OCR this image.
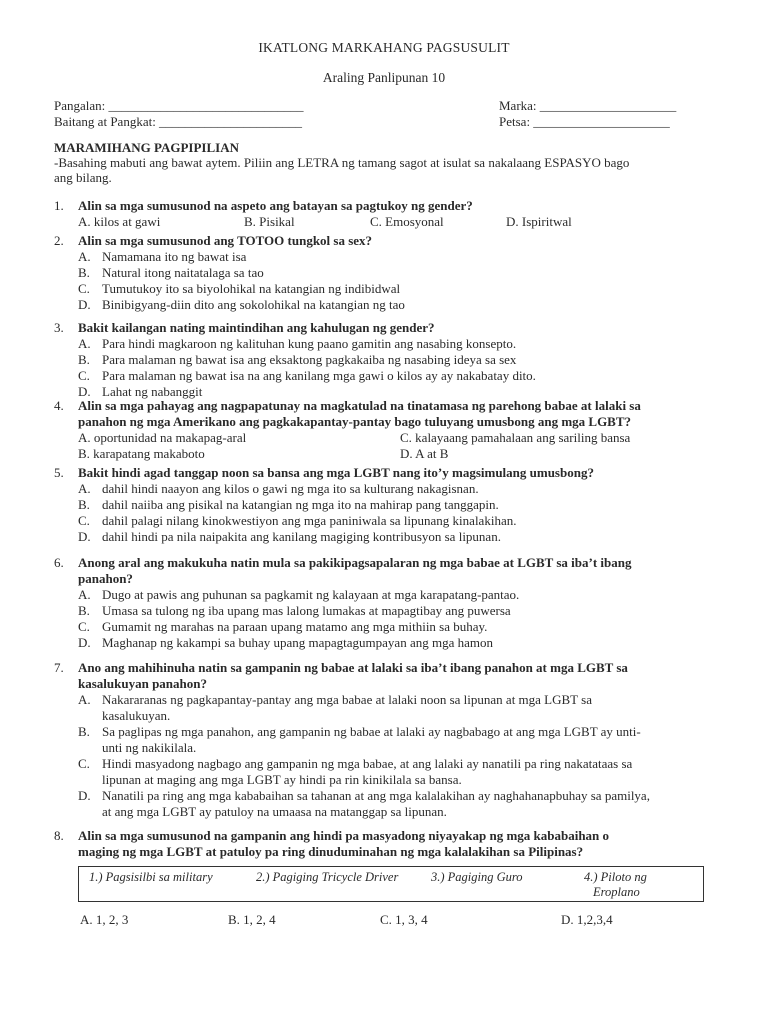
IKATLONG MARKAHANG PAGSUSULIT
Araling Panlipunan 10
Pangalan: ______________________________
Baitang at Pangkat: ______________________
Marka: _____________________
Petsa: _____________________
MARAMIHANG PAGPIPILIAN
-Basahing mabuti ang bawat aytem. Piliin ang LETRA ng tamang sagot at isulat sa nakalaang ESPASYO bago
ang bilang.
1. Alin sa mga sumusunod na aspeto ang batayan sa pagtukoy ng gender?
A. kilos at gawi	B. Pisikal	C. Emosyonal	D. Ispiritwal
2. Alin sa mga sumusunod ang TOTOO tungkol sa sex?
A. Namamana ito ng bawat isa
B. Natural itong naitatalaga sa tao
C. Tumutukoy ito sa biyolohikal na katangian ng indibidwal
D. Binibigyang-diin dito ang sokolohikal na katangian ng tao
3. Bakit kailangan nating maintindihan ang kahulugan ng gender?
A. Para hindi magkaroon ng kalituhan kung paano gamitin ang nasabing konsepto.
B. Para malaman ng bawat isa ang eksaktong pagkakaiba ng nasabing ideya sa sex
C. Para malaman ng bawat isa na ang kanilang mga gawi o kilos ay ay nakabatay dito.
D. Lahat ng nabanggit
4. Alin sa mga pahayag ang nagpapatunay na magkatulad na tinatamasa ng parehong babae at lalaki sa
panahon ng mga Amerikano ang pagkakapantay-pantay bago tuluyang umusbong ang mga LGBT?
A. oportunidad na makapag-aral	C. kalayaang pamahalaan ang sariling bansa
B. karapatang makaboto	D. A at B
5. Bakit hindi agad tanggap noon sa bansa ang mga LGBT nang ito’y magsimulang umusbong?
A. dahil hindi naayon ang kilos o gawi ng mga ito sa kulturang nakagisnan.
B. dahil naiiba ang pisikal na katangian ng mga ito na mahirap pang tanggapin.
C. dahil palagi nilang kinokwestiyon ang mga paniniwala sa lipunang kinalakihan.
D. dahil hindi pa nila naipakita ang kanilang magiging kontribusyon sa lipunan.
6. Anong aral ang makukuha natin mula sa pakikipagsapalaran ng mga babae at LGBT sa iba’t ibang
panahon?
A. Dugo at pawis ang puhunan sa pagkamit ng kalayaan at mga karapatang-pantao.
B. Umasa sa tulong ng iba upang mas lalong lumakas at mapagtibay ang puwersa
C. Gumamit ng marahas na paraan upang matamo ang mga mithiin sa buhay.
D. Maghanap ng kakampi sa buhay upang mapagtagumpayan ang mga hamon
7. Ano ang mahihinuha natin sa gampanin ng babae at lalaki sa iba’t ibang panahon at mga LGBT sa
kasalukuyan panahon?
A. Nakararanas ng pagkapantay-pantay ang mga babae at lalaki noon sa lipunan at mga LGBT sa
kasalukuyan.
B. Sa paglipas ng mga panahon, ang gampanin ng babae at lalaki ay nagbabago at ang mga LGBT ay unti-
unti ng nakikilala.
C. Hindi masyadong nagbago ang gampanin ng mga babae, at ang lalaki ay nanatili pa ring nakatataas sa
lipunan at maging ang mga LGBT ay hindi pa rin kinikilala sa bansa.
D. Nanatili pa ring ang mga kababaihan sa tahanan at ang mga kalalakihan ay naghahanapbuhay sa pamilya,
at ang mga LGBT ay patuloy na umaasa na matanggap sa lipunan.
8. Alin sa mga sumusunod na gampanin ang hindi pa masyadong niyayakap ng mga kababaihan o
maging ng mga LGBT at patuloy pa ring dinuduminahan ng mga kalalakihan sa Pilipinas?
1.) Pagsisilbi sa military	2.) Pagiging Tricycle Driver	3.) Pagiging Guro	4.) Piloto ng
Eroplano
A. 1, 2, 3	B. 1, 2, 4	C. 1, 3, 4	D. 1,2,3,4
